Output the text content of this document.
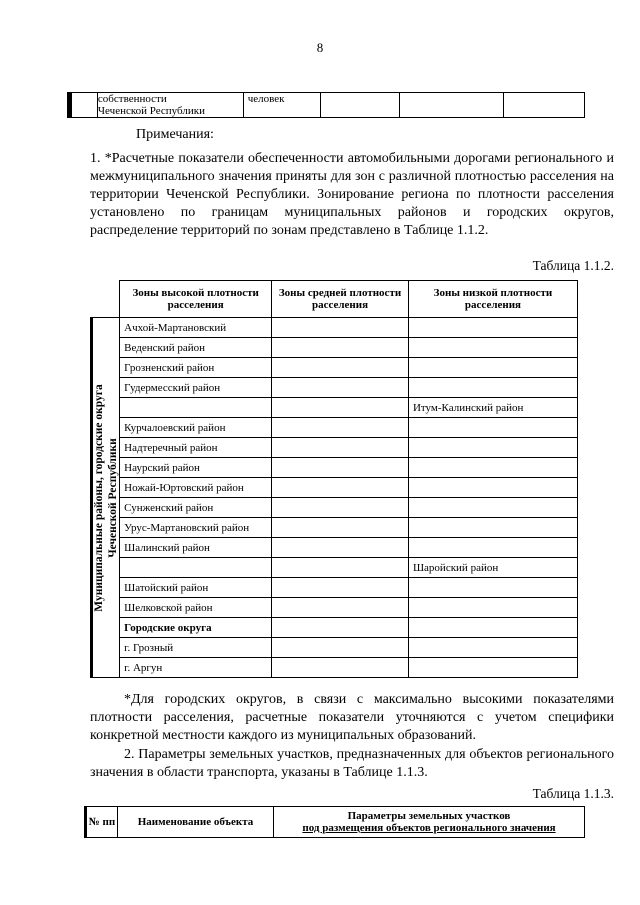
8

собственности
Чеченской Республики
	человек			
Примечания:
1. *Расчетные показатели обеспеченности автомобильными дорогами регионального и межмуниципального значения приняты для зон с различной плотностью расселения на территории Чеченской Республики. Зонирование региона по плотности расселения установлено по границам муниципальных районов и городских округов, распределение территорий по зонам представлено в Таблице 1.1.2.
Таблица 1.1.2.
	Зоны высокой плотности расселения	Зоны средней плотности расселения	Зоны низкой плотности расселения

Муниципальные районы, городские округа Чеченской Республики	Ачхой-Мартановский		
	Веденский район		
	Грозненский район		
	Гудермесский район		
			Итум-Калинский район
	Курчалоевский район		
	Надтеречный район		
	Наурский район		
	Ножай-Юртовский район		
	Сунженский район		
	Урус-Мартановский район		
	Шалинский район		
			Шаройский район
	Шатойский район		
	Шелковской район		
	Городские округа		
	г. Грозный		
	г. Аргун		
*Для городских округов, в связи с максимально высокими показателями плотности расселения, расчетные показатели уточняются с учетом специфики конкретной местности каждого из муниципальных образований.
2. Параметры земельных участков, предназначенных для объектов регионального значения в области транспорта, указаны в Таблице 1.1.3.
Таблица 1.1.3.
№ пп	Наименование объекта	Параметры земельных участков
под размещения объектов регионального значения
